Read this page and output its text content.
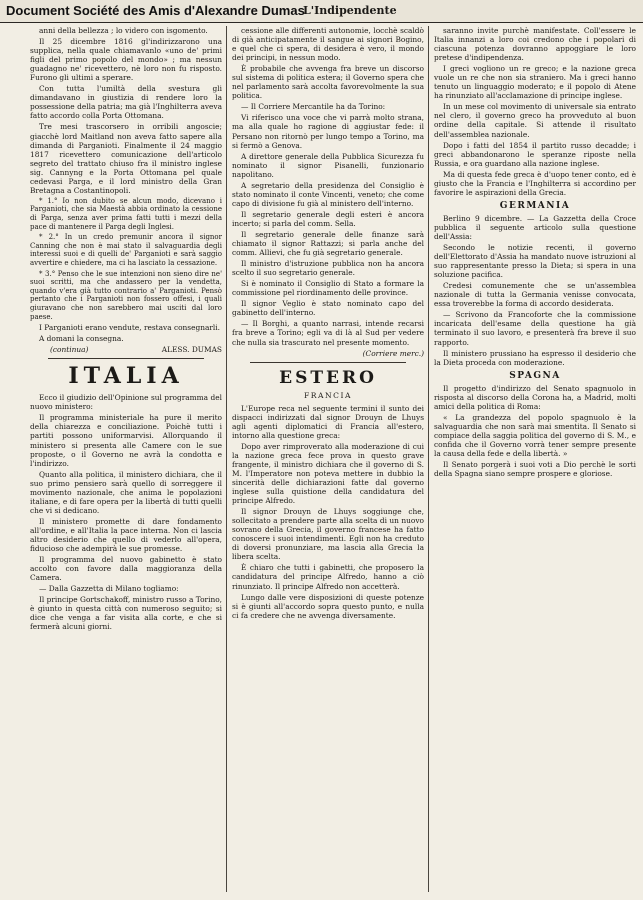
Document Société des Amis d'Alexandre Dumas
L'Indipendente

anni della bellezza ; lo videro con isgomento.

Il 25 dicembre 1816 gl'indirizzarono una supplica, nella quale chiamavanlo «uno de' primi figli del primo popolo del mondo» ; ma nessun guadagno ne' ricevettero, nè loro non fu risposto. Furono gli ultimi a sperare.

Con tutta l'umiltà della svestura gli dimandavano in giustizia di rendere loro la possessione della patria; ma già l'Inghilterra aveva fatto accordo colla Porta Ottomana.

Tre mesi trascorsero in orribili angoscie; giacchè lord Maitland non aveva fatto sapere alla dimanda di Parganioti. Finalmente il 24 maggio 1817 ricevettero comunicazione dell'articolo segreto del trattato chiuso fra il ministro inglese sig. Cannyng e la Porta Ottomana pel quale cedevasi Parga, e il lord ministro della Gran Bretagna a Costantinopoli.

* 1.° Io non dubito se alcun modo, dicevano i Parganioti, che sia Maestà abbia ordinato la cessione di Parga, senza aver prima fatti tutti i mezzi della pace di mantenere il Parga degli Inglesi.

* 2.° In un credo premunir ancora il signor Canning che non è mai stato il salvaguardia degli interessi suoi e di quelli de' Parganioti e sarà saggio avvertire e chiedere, ma ci ha lasciato la cessazione.

* 3.° Penso che le sue intenzioni non sieno dire ne' suoi scritti, ma che andassero per la vendetta, quando v'era già tutto contrario a' Parganioti. Pensò pertanto che i Parganioti non fossero offesi, i quali giuravano che non sarebbero mai usciti dal loro paese.

I Parganioti erano vendute, restava consegnarli.

A domani la consegna.

(continua)	ALESS. DUMAS
ITALIA

Ecco il giudizio dell'Opinione sul programma del nuovo ministero:

Il programma ministeriale ha pure il merito della chiarezza e conciliazione. Poichè tutti i partiti possono uniformarvisi. Allorquando il ministero si presenta alle Camere con le sue proposte, o il Governo ne avrà la condotta e l'indirizzo.

Quanto alla politica, il ministero dichiara, che il suo primo pensiero sarà quello di sorreggere il movimento nazionale, che anima le popolazioni italiane, e di fare opera per la libertà di tutti quelli che vi si dedicano.

Il ministero promette di dare fondamento all'ordine, e all'Italia la pace interna. Non ci lascia altro desiderio che quello di vederlo all'opera, fiducioso che adempirà le sue promesse.

Il programma del nuovo gabinetto è stato accolto con favore dalla maggioranza della Camera.

— Dalla Gazzetta di Milano togliamo:

Il principe Gortschakoff, ministro russo a Torino, è giunto in questa città con numeroso seguito; si dice che venga a far visita alla corte, e che si fermerà alcuni giorni.

cessione alle differenti autonomie, locchè scaldò di già anticipatamente il sangue ai signori Bogino, e quel che ci spera, di desidera è vero, il mondo dei principi, in nessun modo.

È probabile che avvenga fra breve un discorso sul sistema di politica estera; il Governo spera che nel parlamento sarà accolta favorevolmente la sua politica.

— Il Corriere Mercantile ha da Torino:

Vi riferisco una voce che vi parrà molto strana, ma alla quale ho ragione di aggiustar fede: il Persano non ritornò per lungo tempo a Torino, ma si fermò a Genova.

A direttore generale della Pubblica Sicurezza fu nominato il signor Pisanelli, funzionario napolitano.

A segretario della presidenza del Consiglio è stato nominato il conte Vincenti, veneto; che come capo di divisione fu già al ministero dell'interno.

Il segretario generale degli esteri è ancora incerto; si parla del comm. Sella.

Il segretario generale delle finanze sarà chiamato il signor Rattazzi; si parla anche del comm. Allievi, che fu già segretario generale.

Il ministro d'istruzione pubblica non ha ancora scelto il suo segretario generale.

Si è nominato il Consiglio di Stato a formare la commissione pel riordinamento delle province.

Il signor Veglio è stato nominato capo del gabinetto dell'interno.

— Il Borghi, a quanto narrasi, intende recarsi fra breve a Torino; egli va di là al Sud per vedere che nulla sia trascurato nel presente momento.

(Corriere merc.)
ESTERO
FRANCIA

L'Europe reca nel seguente termini il sunto dei dispacci indirizzati dal signor Drouyn de Lhuys agli agenti diplomatici di Francia all'estero, intorno alla questione greca:

Dopo aver rimproverato alla moderazione di cui la nazione greca fece prova in questo grave frangente, il ministro dichiara che il governo di S. M. l'Imperatore non poteva mettere in dubbio la sincerità delle dichiarazioni fatte dal governo inglese sulla quistione della candidatura del principe Alfredo.

Il signor Drouyn de Lhuys soggiunge che, sollecitato a prendere parte alla scelta di un nuovo sovrano della Grecia, il governo francese ha fatto conoscere i suoi intendimenti. Egli non ha creduto di doversi pronunziare, ma lascia alla Grecia la libera scelta.

È chiaro che tutti i gabinetti, che proposero la candidatura del principe Alfredo, hanno a ciò rinunziato. Il principe Alfredo non accetterà.

Lungo dalle vere disposizioni di queste potenze si è giunti all'accordo sopra questo punto, e nulla ci fa credere che ne avvenga diversamente.

saranno invite purchè manifestate. Coll'essere le Italia innanzi a loro coi credono che i popolari di ciascuna potenza dovranno appoggiare le loro pretese d'indipendenza.

I greci vogliono un re greco; e la nazione greca vuole un re che non sia straniero. Ma i greci hanno tenuto un linguaggio moderato; e il popolo di Atene ha rinunziato all'acclamazione di principe inglese.

In un mese col movimento di universale sia entrato nel clero, il governo greco ha provveduto al buon ordine della capitale. Si attende il risultato dell'assemblea nazionale.

Dopo i fatti del 1854 il partito russo decadde; i greci abbandonarono le speranze riposte nella Russia, e ora guardano alla nazione inglese.

Ma di questa fede greca è d'uopo tener conto, ed è giusto che la Francia e l'Inghilterra si accordino per favorire le aspirazioni della Grecia.

GERMANIA

Berlino 9 dicembre. — La Gazzetta della Croce pubblica il seguente articolo sulla questione dell'Assia:

Secondo le notizie recenti, il governo dell'Elettorato d'Assia ha mandato nuove istruzioni al suo rappresentante presso la Dieta; si spera in una soluzione pacifica.

Credesi comunemente che se un'assemblea nazionale di tutta la Germania venisse convocata, essa troverebbe la forma di accordo desiderata.

— Scrivono da Francoforte che la commissione incaricata dell'esame della questione ha già terminato il suo lavoro, e presenterà fra breve il suo rapporto.

Il ministero prussiano ha espresso il desiderio che la Dieta proceda con moderazione.

SPAGNA

Il progetto d'indirizzo del Senato spagnuolo in risposta al discorso della Corona ha, a Madrid, molti amici della politica di Roma:

« La grandezza del popolo spagnuolo è la salvaguardia che non sarà mai smentita. Il Senato si compiace della saggia politica del governo di S. M., e confida che il Governo vorrà tener sempre presente la causa della fede e della libertà. »

Il Senato porgerà i suoi voti a Dio perchè le sorti della Spagna siano sempre prospere e gloriose.
